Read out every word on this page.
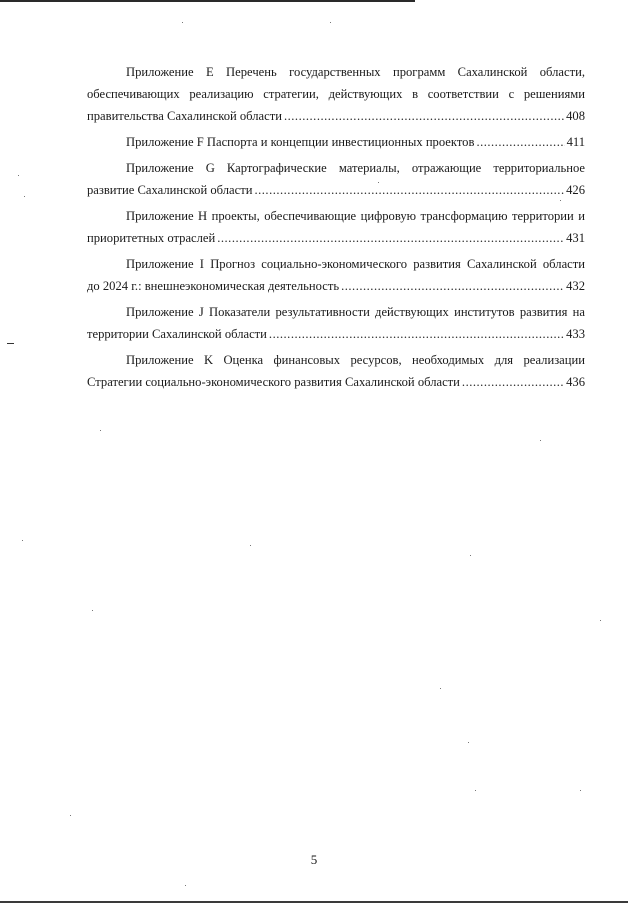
Приложение Е Перечень государственных программ Сахалинской области,
обеспечивающих реализацию стратегии, действующих в соответствии с решениями
правительства Сахалинской области .....	408
Приложение F Паспорта и концепции инвестиционных проектов .....	411
Приложение G Картографические материалы, отражающие территориальное
развитие Сахалинской области .....	426
Приложение H проекты, обеспечивающие цифровую трансформацию территории и
приоритетных отраслей .....	431
Приложение I Прогноз социально-экономического развития Сахалинской области
до 2024 г.: внешнеэкономическая деятельность .....	432
Приложение J Показатели результативности действующих институтов развития на
территории Сахалинской области .....	433
Приложение K Оценка финансовых ресурсов, необходимых для реализации
Стратегии социально-экономического развития Сахалинской области .....	436
5
